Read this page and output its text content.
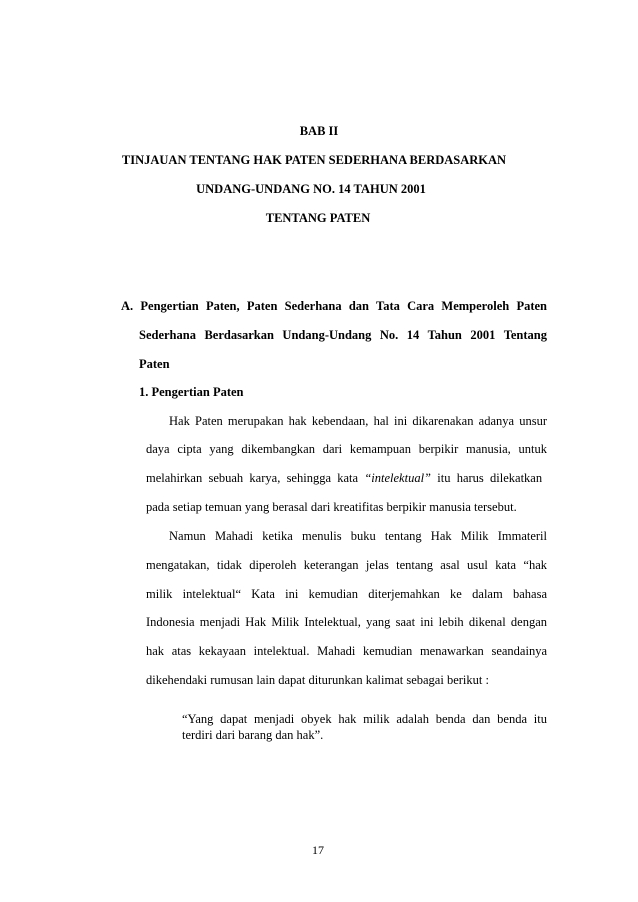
BAB II
TINJAUAN TENTANG HAK PATEN SEDERHANA BERDASARKAN
UNDANG-UNDANG NO. 14 TAHUN 2001
TENTANG PATEN
A. Pengertian Paten, Paten Sederhana dan Tata Cara Memperoleh Paten
Sederhana Berdasarkan Undang-Undang No. 14 Tahun 2001 Tentang
Paten
1. Pengertian Paten
Hak Paten merupakan hak kebendaan, hal ini dikarenakan adanya unsur
daya cipta yang dikembangkan dari kemampuan berpikir manusia, untuk
melahirkan  sebuah  karya,  sehingga  kata  “intelektual”  itu  harus  dilekatkan
pada setiap temuan yang berasal dari kreatifitas berpikir manusia tersebut.
Namun Mahadi ketika menulis buku tentang Hak Milik Immateril
mengatakan, tidak diperoleh keterangan jelas tentang asal usul kata “hak
milik intelektual“ Kata ini kemudian diterjemahkan ke dalam bahasa
Indonesia menjadi Hak Milik Intelektual, yang saat ini lebih dikenal dengan
hak atas kekayaan intelektual. Mahadi kemudian menawarkan seandainya
dikehendaki rumusan lain dapat diturunkan kalimat sebagai berikut :
“Yang dapat menjadi obyek hak milik adalah benda dan benda itu
terdiri dari barang dan hak”.
17
